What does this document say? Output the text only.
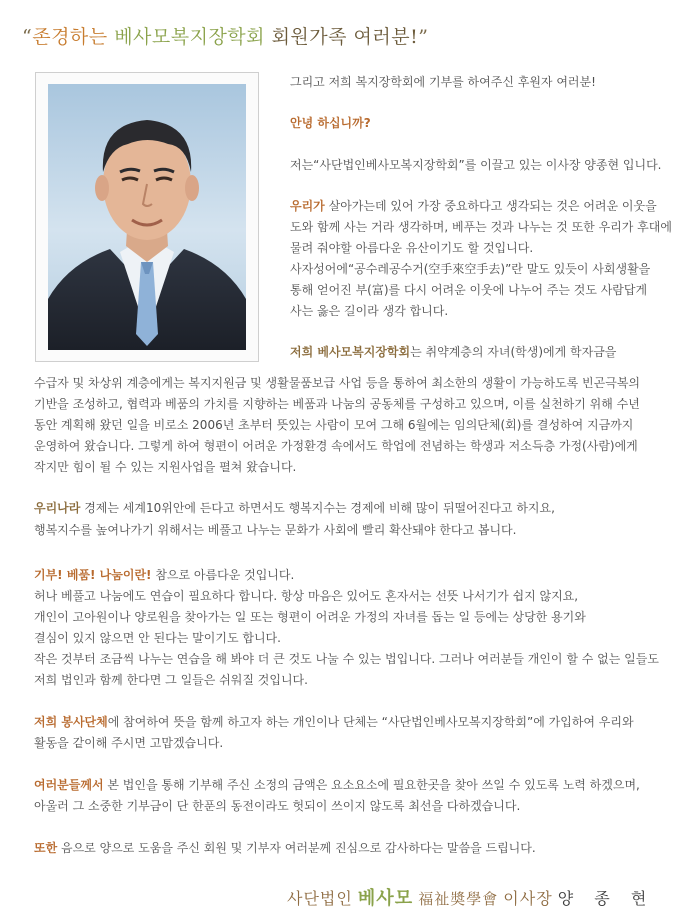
“존경하는 베사모복지장학회 회원가족 여러분!”
그리고 저희 복지장학회에 기부를 하여주신 후원자 여러분!
안녕 하십니까?
저는“사단법인베사모복지장학회”를 이끌고 있는 이사장 양종현 입니다.
우리가 살아가는데 있어 가장 중요하다고 생각되는 것은 어려운 이웃을
도와 함께 사는 거라 생각하며, 베푸는 것과 나누는 것 또한 우리가 후대에
물려 줘야할 아름다운 유산이기도 할 것입니다.
사자성어에“공수레공수거(空手來空手去)”란 말도 있듯이 사회생활을
통해 얻어진 부(富)를 다시 어려운 이웃에 나누어 주는 것도 사람답게
사는 옳은 길이라 생각 합니다.
저희 베사모복지장학회는 취약계층의 자녀(학생)에게 학자금을
수급자 및 차상위 계층에게는 복지지원금 및 생활물품보급 사업 등을 통하여 최소한의 생활이 가능하도록 빈곤극복의
기반을 조성하고, 협력과 베품의 가치를 지향하는 베품과 나눔의 공동체를 구성하고 있으며, 이를 실천하기 위해 수년
동안 계획해 왔던 일을 비로소 2006년 초부터 뜻있는 사람이 모여 그해 6월에는 임의단체(회)를 결성하여 지금까지
운영하여 왔습니다. 그렇게 하여 형편이 어려운 가정환경 속에서도 학업에 전념하는 학생과 저소득층 가정(사람)에게
작지만 힘이 될 수 있는 지원사업을 펼쳐 왔습니다.
우리나라 경제는 세계10위안에 든다고 하면서도 행복지수는 경제에 비해 많이 뒤떨어진다고 하지요,
행복지수를 높여나가기 위해서는 베풀고 나누는 문화가 사회에 빨리 확산돼야 한다고 봅니다.
기부! 베품! 나눔이란! 참으로 아름다운 것입니다.
허나 베풀고 나눔에도 연습이 필요하다 합니다. 항상 마음은 있어도 혼자서는 선뜻 나서기가 쉽지 않지요,
개인이 고아원이나 양로원을 찾아가는 일 또는 형편이 어려운 가정의 자녀를 돕는 일 등에는 상당한 용기와
결심이 있지 않으면 안 된다는 말이기도 합니다.
작은 것부터 조금씩 나누는 연습을 해 봐야 더 큰 것도 나눌 수 있는 법입니다. 그러나 여러분들 개인이 할 수 없는 일들도
저희 법인과 함께 한다면 그 일들은 쉬워질 것입니다.
저희 봉사단체에 참여하여 뜻을 함께 하고자 하는 개인이나 단체는 “사단법인베사모복지장학회”에 가입하여 우리와
활동을 같이해 주시면 고맙겠습니다.
여러분들께서 본 법인을 통해 기부해 주신 소정의 금액은 요소요소에 필요한곳을 찾아 쓰일 수 있도록 노력 하겠으며,
아울러 그 소중한 기부금이 단 한푼의 동전이라도 헛되이 쓰이지 않도록 최선을 다하겠습니다.
또한 음으로 양으로 도움을 주신 회원 및 기부자 여러분께 진심으로 감사하다는 말씀을 드립니다.
사단법인 베사모 福祉奬學會 이사장 양 종 현
